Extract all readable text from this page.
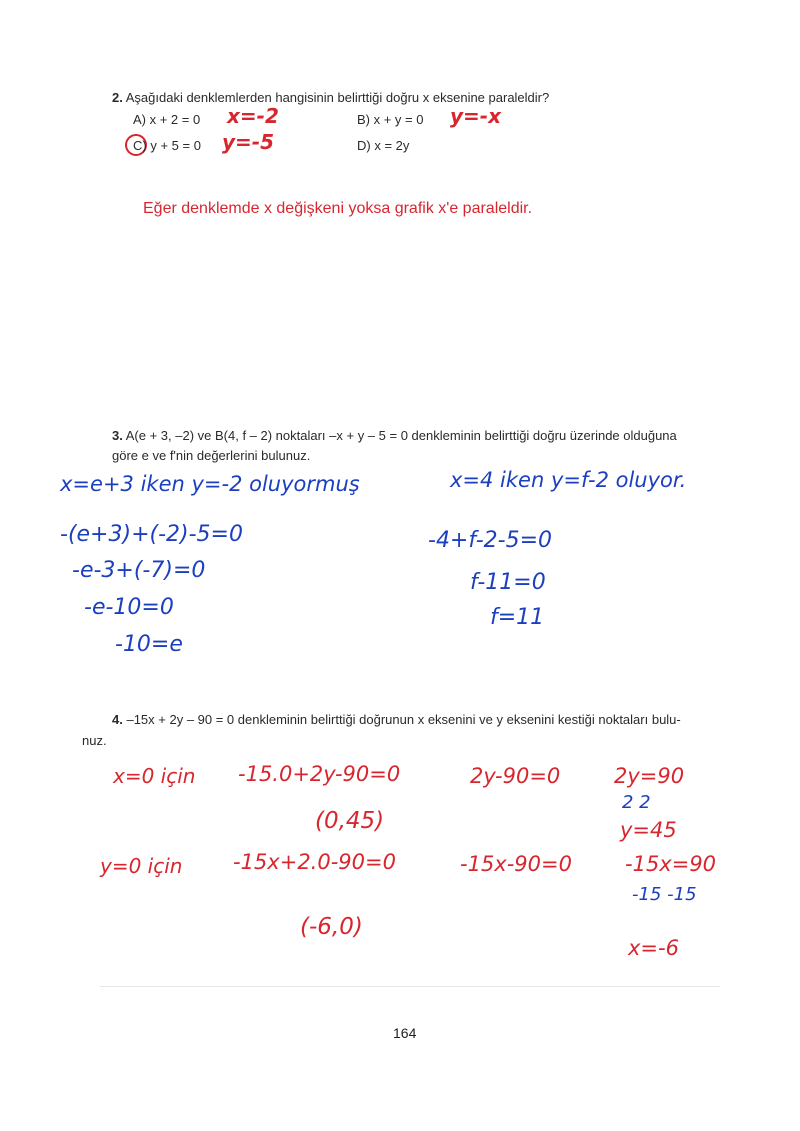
2. Aşağıdaki denklemlerden hangisinin belirttiği doğru x eksenine paraleldir?
A) x + 2 = 0 x=-2	B) x + y = 0 y=-x
C) y + 5 = 0 y=-5	D) x = 2y
Eğer denklemde x değişkeni yoksa grafik x'e paraleldir.
3. A(e + 3, –2) ve B(4, f – 2) noktaları –x + y – 5 = 0 denkleminin belirttiği doğru üzerinde olduğuna
göre e ve f'nin değerlerini bulunuz.
x=e+3 iken y=-2 oluyormuş
-(e+3)+(-2)-5=0
-e-3+(-7)=0
-e-10=0
-10=e
x=4 iken y=f-2 oluyor.
-4+f-2-5=0
f-11=0
f=11
4. –15x + 2y – 90 = 0 denkleminin belirttiği doğrunun x eksenini ve y eksenini kestiği noktaları bulu-
nuz.
x=0 için -15.0+2y-90=0	2y-90=0	2y=90
2 2
y=45
(0,45)
y=0 için -15x+2.0-90=0	-15x-90=0	-15x=90
-15 -15
(-6,0)
x=-6
164
